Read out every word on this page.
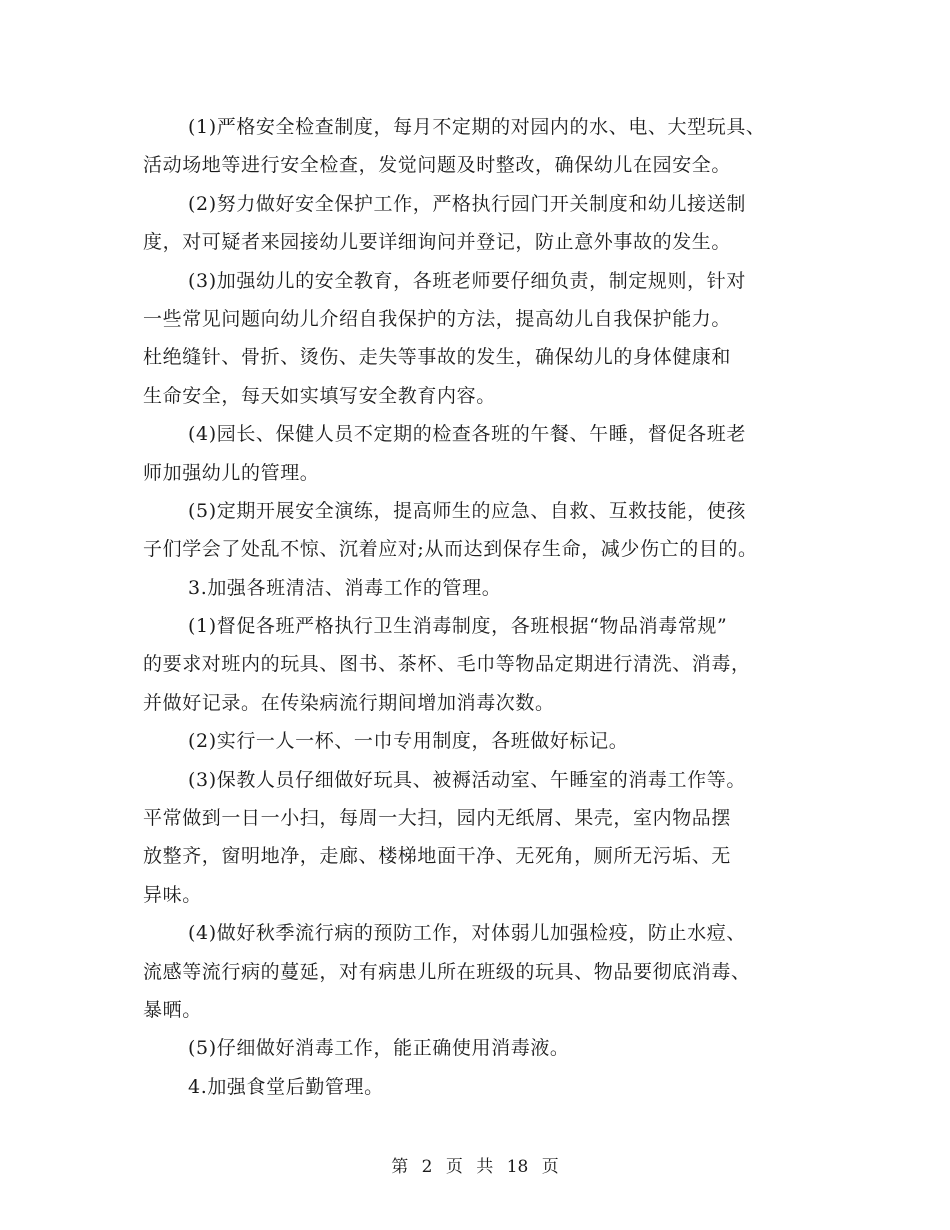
(1)严格安全检查制度，每月不定期的对园内的水、电、大型玩具、
活动场地等进行安全检查，发觉问题及时整改，确保幼儿在园安全。
(2)努力做好安全保护工作，严格执行园门开关制度和幼儿接送制
度，对可疑者来园接幼儿要详细询问并登记，防止意外事故的发生。
(3)加强幼儿的安全教育，各班老师要仔细负责，制定规则，针对
一些常见问题向幼儿介绍自我保护的方法，提高幼儿自我保护能力。
杜绝缝针、骨折、烫伤、走失等事故的发生，确保幼儿的身体健康和
生命安全，每天如实填写安全教育内容。
(4)园长、保健人员不定期的检查各班的午餐、午睡，督促各班老
师加强幼儿的管理。
(5)定期开展安全演练，提高师生的应急、自救、互救技能，使孩
子们学会了处乱不惊、沉着应对;从而达到保存生命，减少伤亡的目的。
3.加强各班清洁、消毒工作的管理。
(1)督促各班严格执行卫生消毒制度，各班根据“物品消毒常规”
的要求对班内的玩具、图书、茶杯、毛巾等物品定期进行清洗、消毒，
并做好记录。在传染病流行期间增加消毒次数。
(2)实行一人一杯、一巾专用制度，各班做好标记。
(3)保教人员仔细做好玩具、被褥活动室、午睡室的消毒工作等。
平常做到一日一小扫，每周一大扫，园内无纸屑、果壳，室内物品摆
放整齐，窗明地净，走廊、楼梯地面干净、无死角，厕所无污垢、无
异味。
(4)做好秋季流行病的预防工作，对体弱儿加强检疫，防止水痘、
流感等流行病的蔓延，对有病患儿所在班级的玩具、物品要彻底消毒、
暴晒。
(5)仔细做好消毒工作，能正确使用消毒液。
4.加强食堂后勤管理。
第 2 页 共 18 页
